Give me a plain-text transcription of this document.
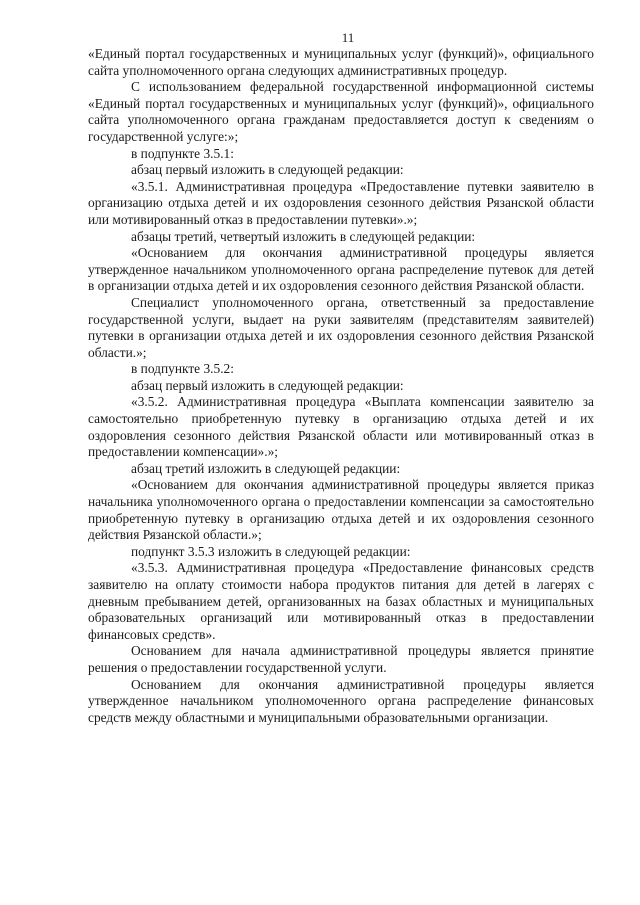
11

«Единый портал государственных и муниципальных услуг (функций)», официального сайта уполномоченного органа следующих административных процедур.

С использованием федеральной государственной информационной системы «Единый портал государственных и муниципальных услуг (функций)», официального сайта уполномоченного органа гражданам предоставляется доступ к сведениям о государственной услуге:»;

в подпункте 3.5.1:

абзац первый изложить в следующей редакции:

«3.5.1. Административная процедура «Предоставление путевки заявителю в организацию отдыха детей и их оздоровления сезонного действия Рязанской области или мотивированный отказ в предоставлении путевки».»;

абзацы третий, четвертый изложить в следующей редакции:

«Основанием для окончания административной процедуры является утвержденное начальником уполномоченного органа распределение путевок для детей в организации отдыха детей и их оздоровления сезонного действия Рязанской области.

Специалист уполномоченного органа, ответственный за предоставление государственной услуги, выдает на руки заявителям (представителям заявителей) путевки в организации отдыха детей и их оздоровления сезонного действия Рязанской области.»;

в подпункте 3.5.2:

абзац первый изложить в следующей редакции:

«3.5.2. Административная процедура «Выплата компенсации заявителю за самостоятельно приобретенную путевку в организацию отдыха детей и их оздоровления сезонного действия Рязанской области или мотивированный отказ в предоставлении компенсации».»;

абзац третий изложить в следующей редакции:

«Основанием для окончания административной процедуры является приказ начальника уполномоченного органа о предоставлении компенсации за самостоятельно приобретенную путевку в организацию отдыха детей и их оздоровления сезонного действия Рязанской области.»;

подпункт 3.5.3 изложить в следующей редакции:

«3.5.3. Административная процедура «Предоставление финансовых средств заявителю на оплату стоимости набора продуктов питания для детей в лагерях с дневным пребыванием детей, организованных на базах областных и муниципальных образовательных организаций или мотивированный отказ в предоставлении финансовых средств».

Основанием для начала административной процедуры является принятие решения о предоставлении государственной услуги.

Основанием для окончания административной процедуры является утвержденное начальником уполномоченного органа распределение финансовых средств между областными и муниципальными образовательными организации.
